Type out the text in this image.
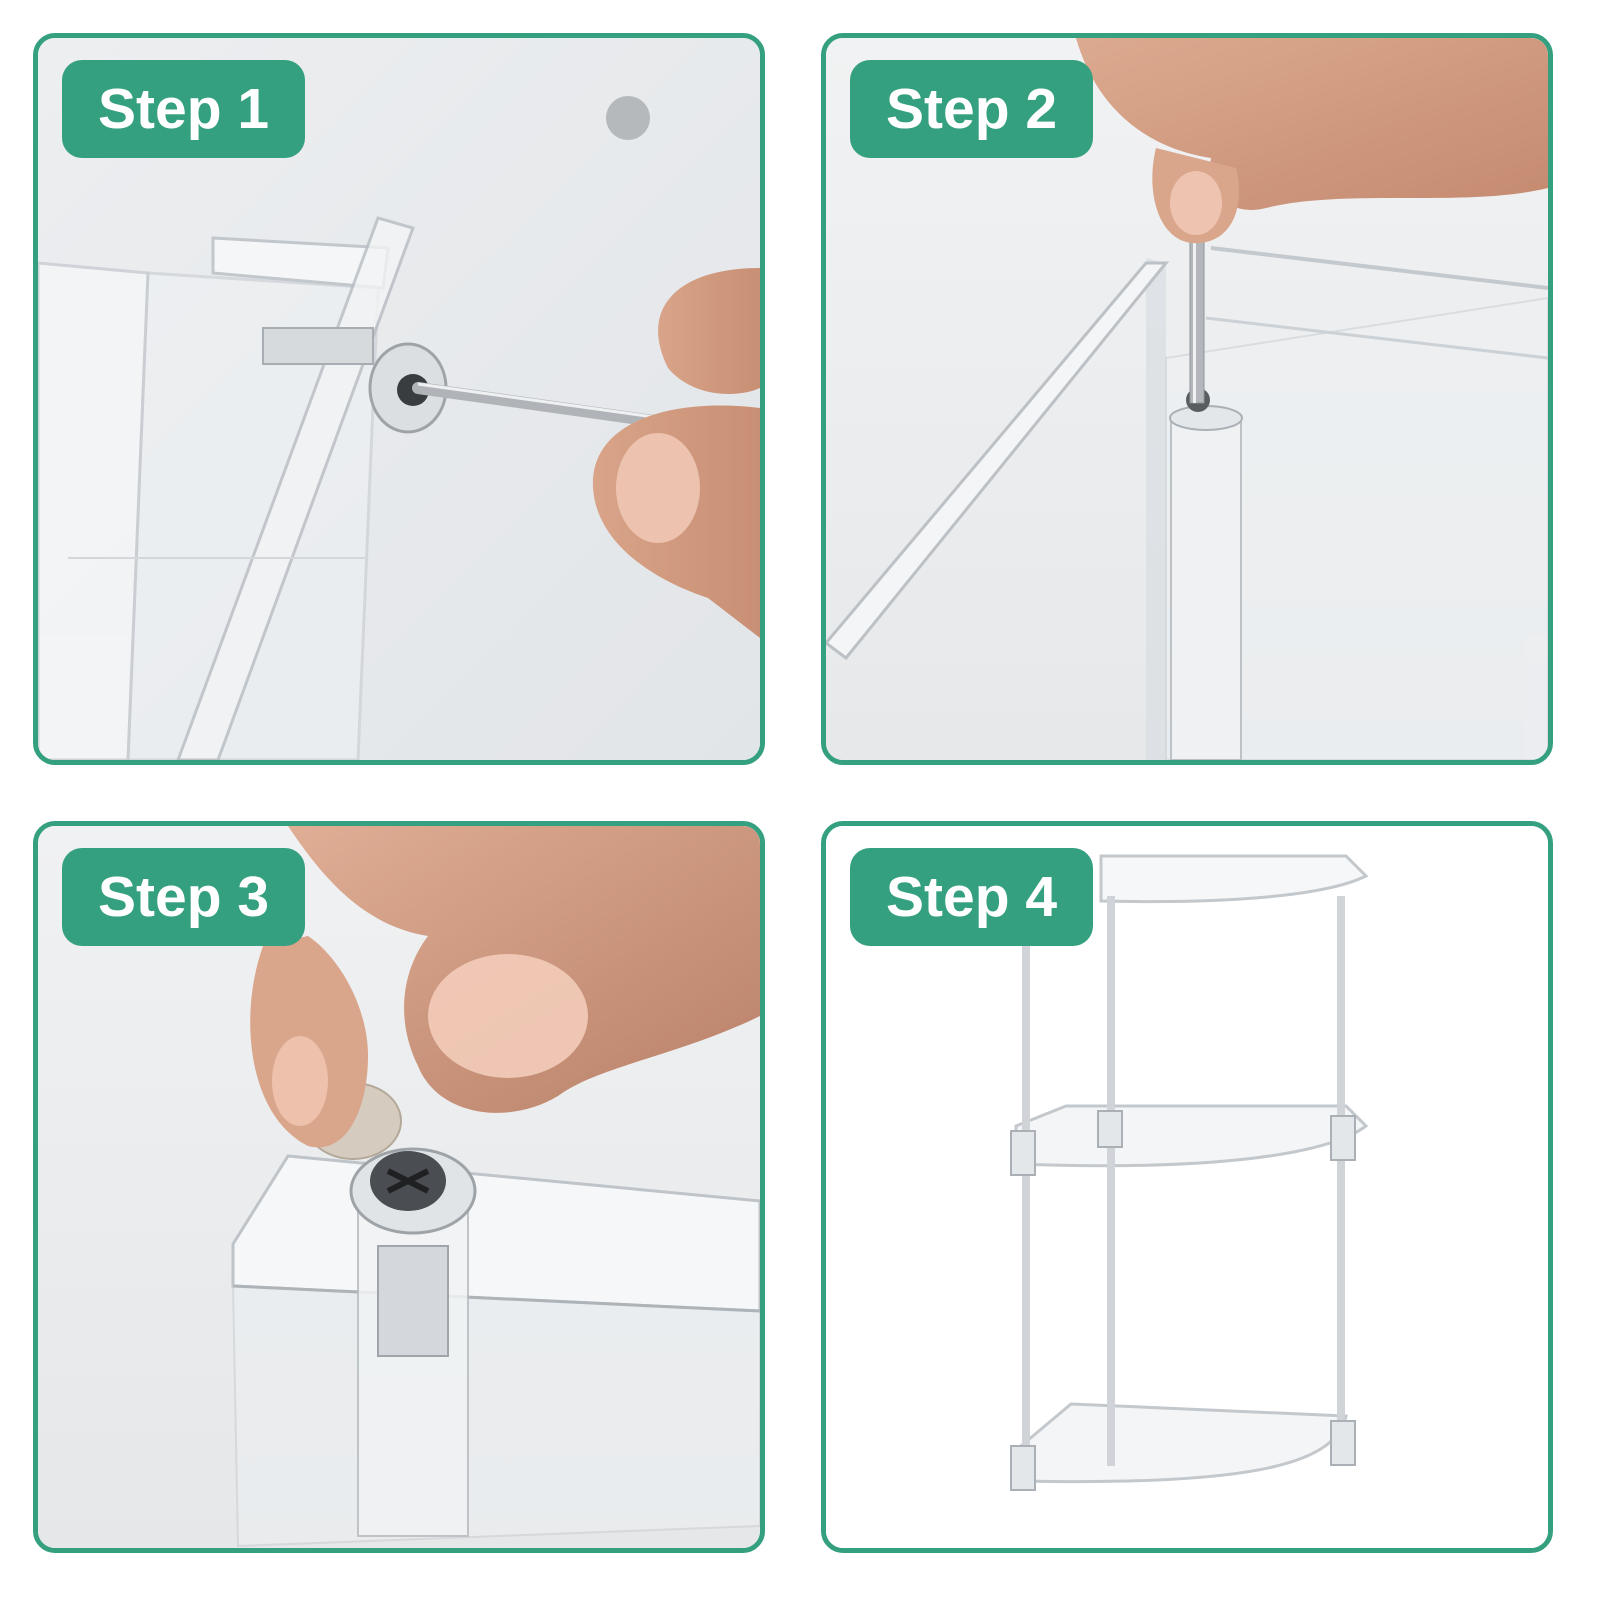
Step 1	Step 2
Step 3	Step 4
